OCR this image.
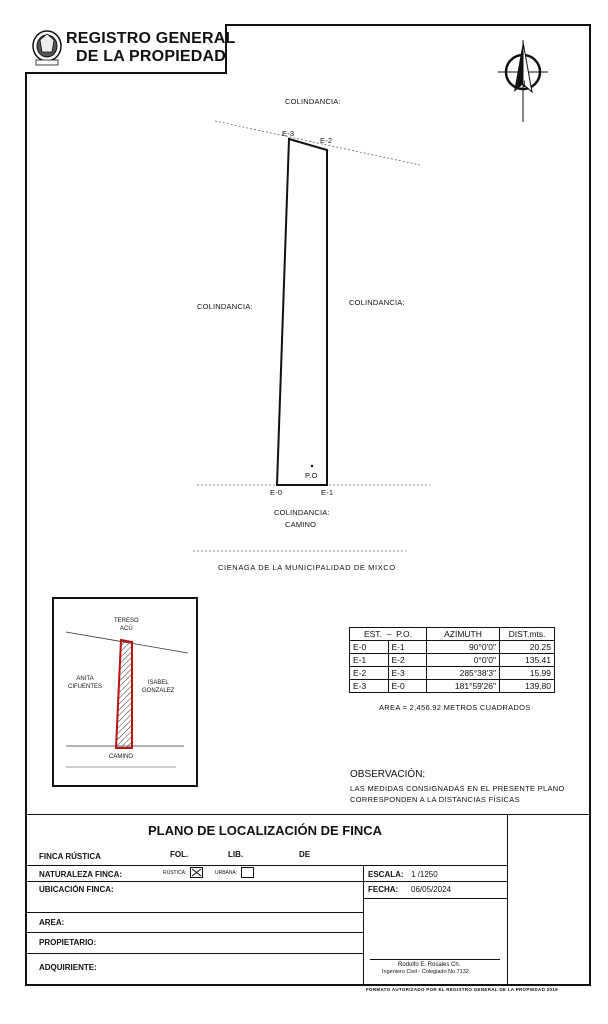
REGISTRO GENERAL
DE LA PROPIEDAD
N
COLINDANCIA:
E-3
E-2
COLINDANCIA:	COLINDANCIA:
P.O
E-0	E-1
COLINDANCIA:
CAMINO
CIENAGA DE LA MUNICIPALIDAD DE MIXCO
TERESO
ACÚ
ANITA
CIFUENTES
ISABEL
GONZALEZ
CAMINO
EST.  –  P.O.		AZIMUTH	DIST.mts.
E-0	E-1	90°0'0"	20.25
E-1	E-2	0°0'0"	135.41
E-2	E-3	285°38'3"	15.99
E-3	E-0	181°59'26"	139.80
AREA = 2,456.92 METROS CUADRADOS
OBSERVACIÓN:
LAS MEDIDAS CONSIGNADAS EN EL PRESENTE PLANO
CORRESPONDEN A LA DISTANCIAS FÍSICAS
PLANO DE LOCALIZACIÓN DE FINCA
FINCA RÚSTICA	FOL.	LIB.	DE
NATURALEZA FINCA:	RÚSTICA:	URBANA:
UBICACIÓN FINCA:
AREA:
PROPIETARIO:
ADQUIRIENTE:
ESCALA: 1 /1250
FECHA: 06/05/2024
Rodolfo E. Rosales Ch.
Ingeniero Civil - Colegiado No.7132
FORMATO AUTORIZADO POR EL REGISTRO GENERAL DE LA PROPIEDAD 2019
